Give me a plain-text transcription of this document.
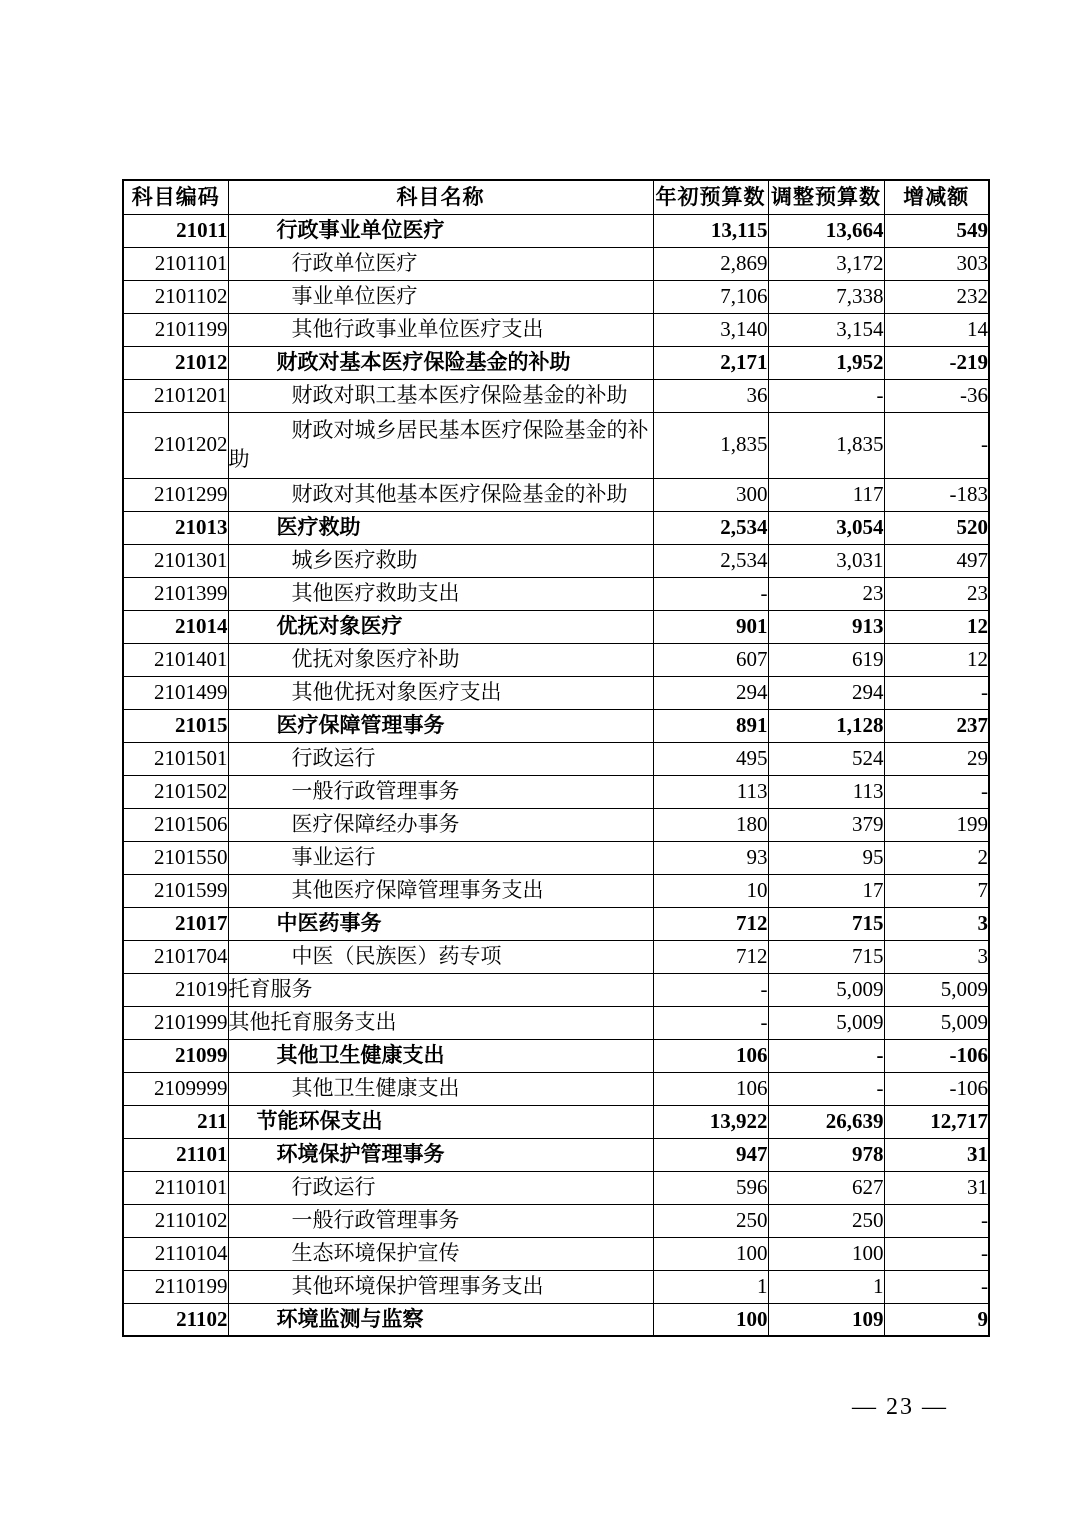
科目编码	科目名称	年初预算数	调整预算数	增减额
21011	行政事业单位医疗	13,115	13,664	549
2101101	行政单位医疗	2,869	3,172	303
2101102	事业单位医疗	7,106	7,338	232
2101199	其他行政事业单位医疗支出	3,140	3,154	14
21012	财政对基本医疗保险基金的补助	2,171	1,952	-219
2101201	财政对职工基本医疗保险基金的补助	36	-	-36
2101202	财政对城乡居民基本医疗保险基金的补助	1,835	1,835	-
2101299	财政对其他基本医疗保险基金的补助	300	117	-183
21013	医疗救助	2,534	3,054	520
2101301	城乡医疗救助	2,534	3,031	497
2101399	其他医疗救助支出	-	23	23
21014	优抚对象医疗	901	913	12
2101401	优抚对象医疗补助	607	619	12
2101499	其他优抚对象医疗支出	294	294	-
21015	医疗保障管理事务	891	1,128	237
2101501	行政运行	495	524	29
2101502	一般行政管理事务	113	113	-
2101506	医疗保障经办事务	180	379	199
2101550	事业运行	93	95	2
2101599	其他医疗保障管理事务支出	10	17	7
21017	中医药事务	712	715	3
2101704	中医（民族医）药专项	712	715	3
21019	托育服务	-	5,009	5,009
2101999	其他托育服务支出	-	5,009	5,009
21099	其他卫生健康支出	106	-	-106
2109999	其他卫生健康支出	106	-	-106
211	节能环保支出	13,922	26,639	12,717
21101	环境保护管理事务	947	978	31
2110101	行政运行	596	627	31
2110102	一般行政管理事务	250	250	-
2110104	生态环境保护宣传	100	100	-
2110199	其他环境保护管理事务支出	1	1	-
21102	环境监测与监察	100	109	9
— 23 —
